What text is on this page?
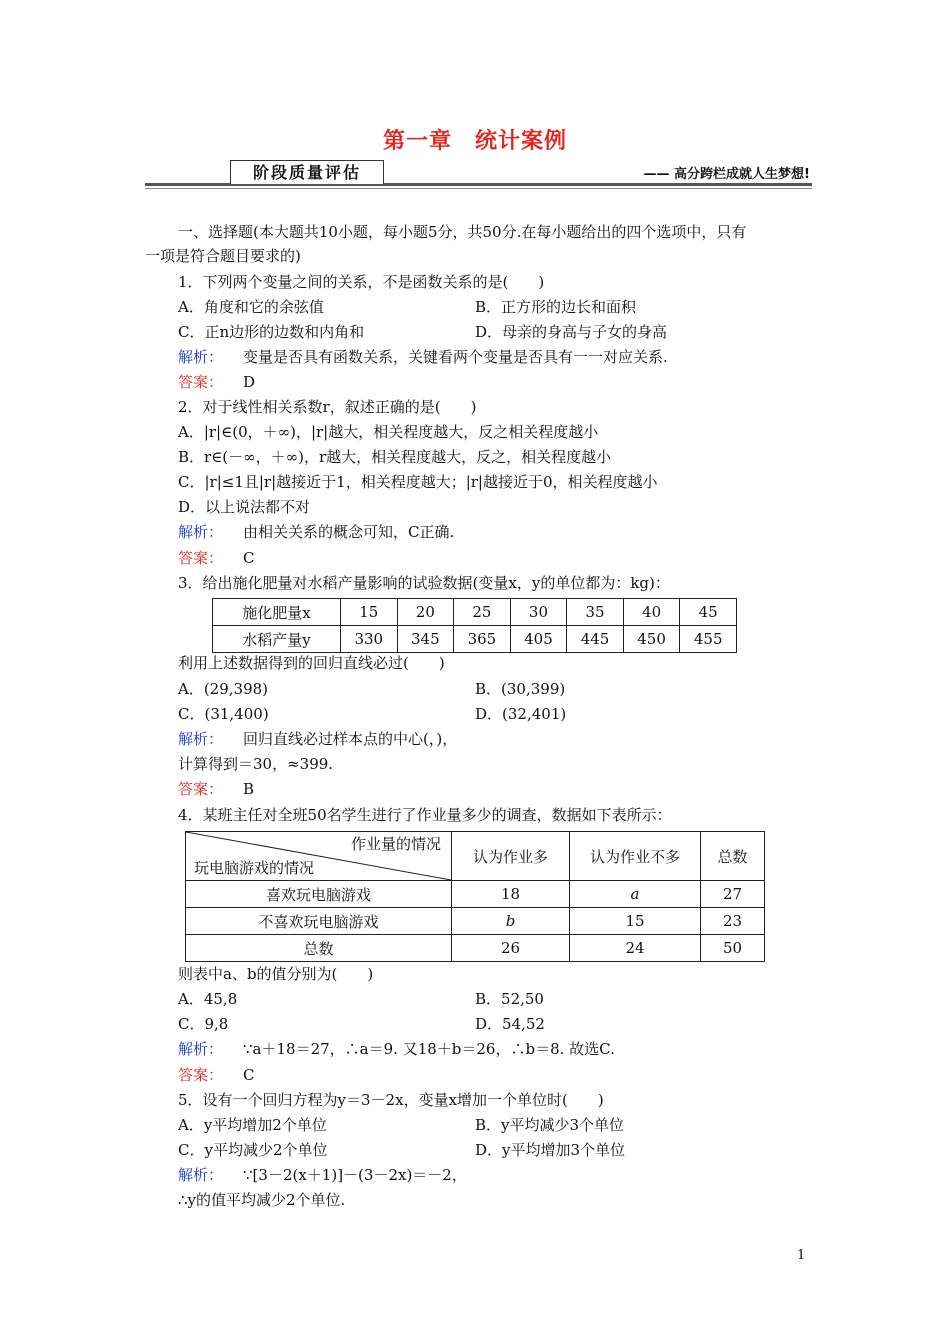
第一章　统计案例
阶段质量评估	—— 高分跨栏成就人生梦想!
一、选择题(本大题共10小题，每小题5分，共50分.在每小题给出的四个选项中，只有
一项是符合题目要求的)
1．下列两个变量之间的关系，不是函数关系的是(　　)
A．角度和它的余弦值	B．正方形的边长和面积
C．正n边形的边数和内角和	D．母亲的身高与子女的身高
解析： 变量是否具有函数关系，关键看两个变量是否具有一一对应关系.
答案： D
2．对于线性相关系数r，叙述正确的是(　　)
A．|r|∈(0，＋∞)，|r|越大，相关程度越大，反之相关程度越小
B．r∈(－∞，＋∞)，r越大，相关程度越大，反之，相关程度越小
C．|r|≤1且|r|越接近于1，相关程度越大；|r|越接近于0，相关程度越小
D．以上说法都不对
解析： 由相关关系的概念可知，C正确.
答案： C
3．给出施化肥量对水稻产量影响的试验数据(变量x，y的单位都为：kg)：
施化肥量x	15	20	25	30	35	40	45
水稻产量y	330	345	365	405	445	450	455
利用上述数据得到的回归直线必过(　　)
A．(29,398)	B．(30,399)
C．(31,400)	D．(32,401)
解析： 回归直线必过样本点的中心(，)，
计算得到＝30，≈399.
答案： B
4．某班主任对全班50名学生进行了作业量多少的调查，数据如下表所示：
作业量的情况
玩电脑游戏的情况	认为作业多	认为作业不多	总数
喜欢玩电脑游戏	18	a	27
不喜欢玩电脑游戏	b	15	23
总数	26	24	50
则表中a、b的值分别为(　　)
A．45,8	B．52,50
C．9,8	D．54,52
解析： ∵a＋18＝27，∴a＝9. 又18＋b＝26，∴b＝8. 故选C.
答案： C
5．设有一个回归方程为y＝3－2x，变量x增加一个单位时(　　)
A．y平均增加2个单位	B．y平均减少3个单位
C．y平均减少2个单位	D．y平均增加3个单位
解析： ∵[3－2(x＋1)]－(3－2x)＝－2，
∴y的值平均减少2个单位.
1
